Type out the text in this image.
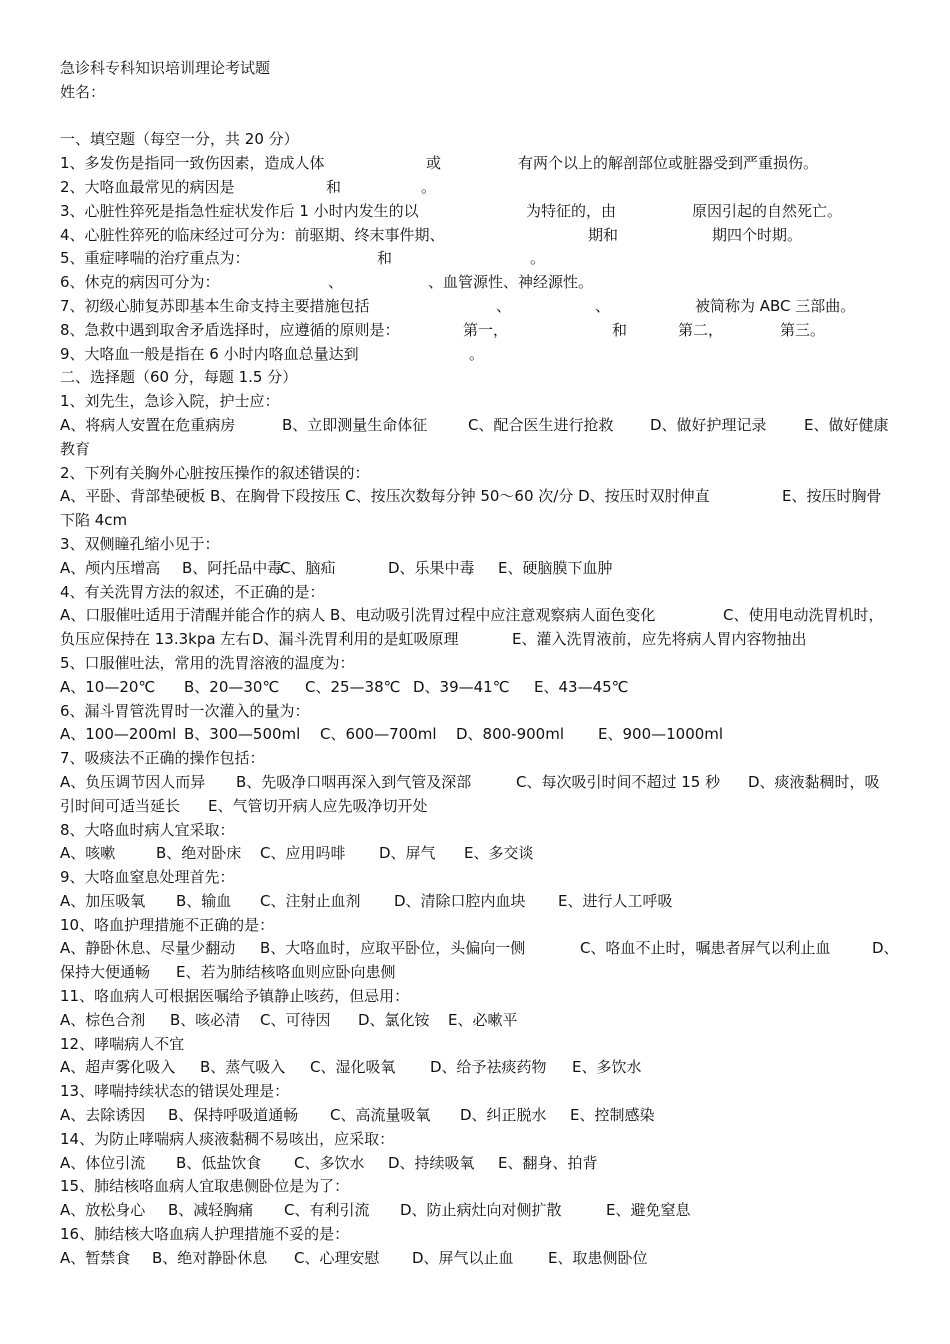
急诊科专科知识培训理论考试题
姓名：
一、填空题（每空一分，共 20 分）
1、多发伤是指同一致伤因素，造成人体	或	有两个以上的解剖部位或脏器受到严重损伤。
2、大咯血最常见的病因是	和	。
3、心脏性猝死是指急性症状发作后 1 小时内发生的以	为特征的，由	原因引起的自然死亡。
4、心脏性猝死的临床经过可分为：前驱期、终末事件期、	期和	期四个时期。
5、重症哮喘的治疗重点为：	和	。
6、休克的病因可分为：	、	、血管源性、神经源性。
7、初级心肺复苏即基本生命支持主要措施包括	、	、	被简称为 ABC 三部曲。
8、急救中遇到取舍矛盾选择时，应遵循的原则是：	第一，	和	第二，	第三。
9、大咯血一般是指在 6 小时内咯血总量达到	。
二、选择题（60 分，每题 1.5 分）
1、刘先生，急诊入院，护士应：
A、将病人安置在危重病房	B、立即测量生命体征	C、配合医生进行抢救 D、做好护理记录 E、做好健康
教育
2、下列有关胸外心脏按压操作的叙述错误的：
A、平卧、背部垫硬板 B、在胸骨下段按压 C、按压次数每分钟 50～60 次/分 D、按压时双肘伸直	E、按压时胸骨
下陷 4cm
3、双侧瞳孔缩小见于：
A、颅内压增高 B、阿托品中毒
C、脑疝	D、乐果中毒 E、硬脑膜下血肿
4、有关洗胃方法的叙述，不正确的是：
A、口服催吐适用于清醒并能合作的病人 B、电动吸引洗胃过程中应注意观察病人面色变化	C、使用电动洗胃机时，
负压应保持在 13.3kpa 左右 D、漏斗洗胃利用的是虹吸原理	E、灌入洗胃液前，应先将病人胃内容物抽出
5、口服催吐法，常用的洗胃溶液的温度为：
A、10—20℃ B、20—30℃ C、25—38℃ D、39—41℃ E、43—45℃
6、漏斗胃管洗胃时一次灌入的量为：
A、100—200ml B、300—500ml C、600—700ml D、800-900ml E、900—1000ml
7、吸痰法不正确的操作包括：
A、负压调节因人而异 B、先吸净口咽再深入到气管及深部	C、每次吸引时间不超过 15 秒 D、痰液黏稠时，吸
引时间可适当延长 E、气管切开病人应先吸净切开处
8、大咯血时病人宜采取：
A、咳嗽	B、绝对卧床 C、应用吗啡 D、屏气 E、多交谈
9、大咯血窒息处理首先：
A、加压吸氧 B、输血 C、注射止血剂 D、清除口腔内血块 E、进行人工呼吸
10、咯血护理措施不正确的是：
A、静卧休息、尽量少翻动 B、大咯血时，应取平卧位，头偏向一侧	C、咯血不止时，嘱患者屏气以利止血	D、
保持大便通畅 E、若为肺结核咯血则应卧向患侧
11、咯血病人可根据医嘱给予镇静止咳药，但忌用：
A、棕色合剂 B、咳必清 C、可待因 D、氯化铵 E、必嗽平
12、哮喘病人不宜
A、超声雾化吸入 B、蒸气吸入 C、湿化吸氧 D、给予祛痰药物 E、多饮水
13、哮喘持续状态的错误处理是：
A、去除诱因 B、保持呼吸道通畅 C、高流量吸氧 D、纠正脱水 E、控制感染
14、为防止哮喘病人痰液黏稠不易咳出，应采取：
A、体位引流 B、低盐饮食 C、多饮水 D、持续吸氧 E、翻身、拍背
15、肺结核咯血病人宜取患侧卧位是为了：
A、放松身心 B、减轻胸痛 C、有利引流 D、防止病灶向对侧扩散	E、避免窒息
16、肺结核大咯血病人护理措施不妥的是：
A、暂禁食 B、绝对静卧休息 C、心理安慰 D、屏气以止血 E、取患侧卧位
